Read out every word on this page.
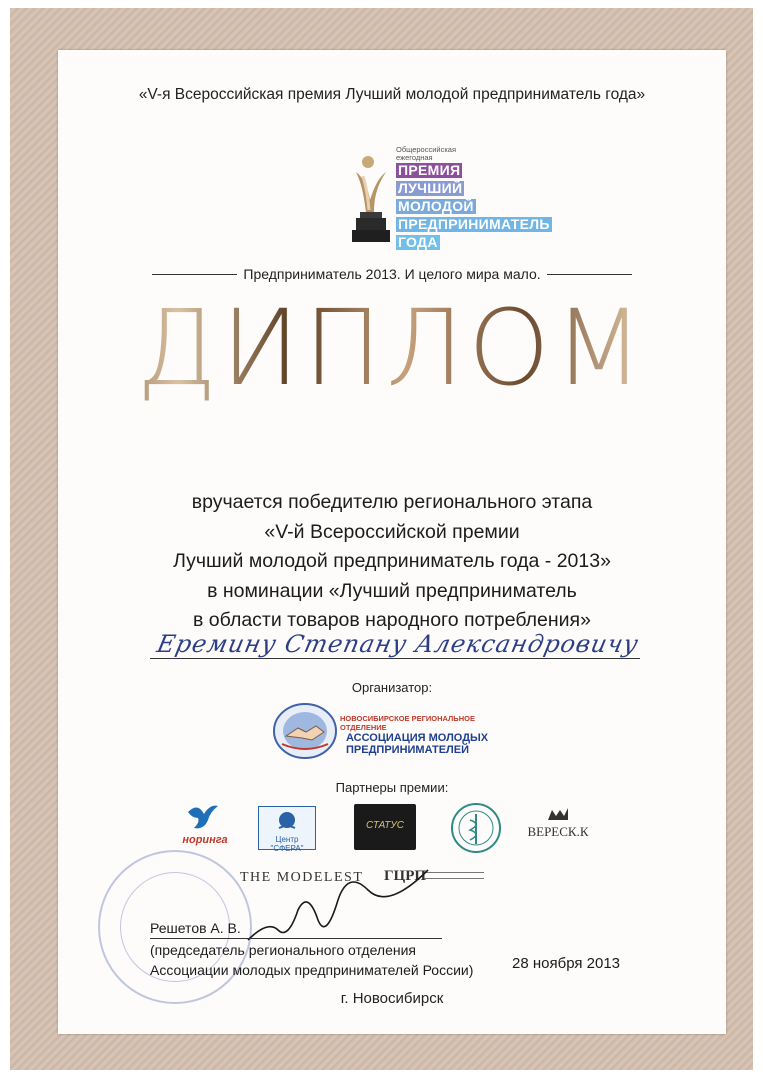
«V-я Всероссийская премия Лучший молодой предприниматель года»
Общероссийская
ежегодная
ПРЕМИЯ
ЛУЧШИЙ
МОЛОДОЙ
ПРЕДПРИНИМАТЕЛЬ
ГОДА
Предприниматель 2013. И целого мира мало.
ДИПЛОМ
вручается победителю регионального этапа
«V-й Всероссийской премии
Лучший молодой предприниматель года - 2013»
в номинации «Лучший предприниматель
в области товаров народного потребления»
Еремину Степану Александровичу
Организатор:
НОВОСИБИРСКОЕ РЕГИОНАЛЬНОЕ ОТДЕЛЕНИЕ
АССОЦИАЦИЯ МОЛОДЫХ
ПРЕДПРИНИМАТЕЛЕЙ
Партнеры премии:
норинга	Центр "СФЕРА"
СТАТУС	ВЕРЕСК.К
THE MODELEST ГЦРП
Решетов А. В.
(председатель регионального отделения
Ассоциации молодых предпринимателей России)	28 ноября 2013
г. Новосибирск
